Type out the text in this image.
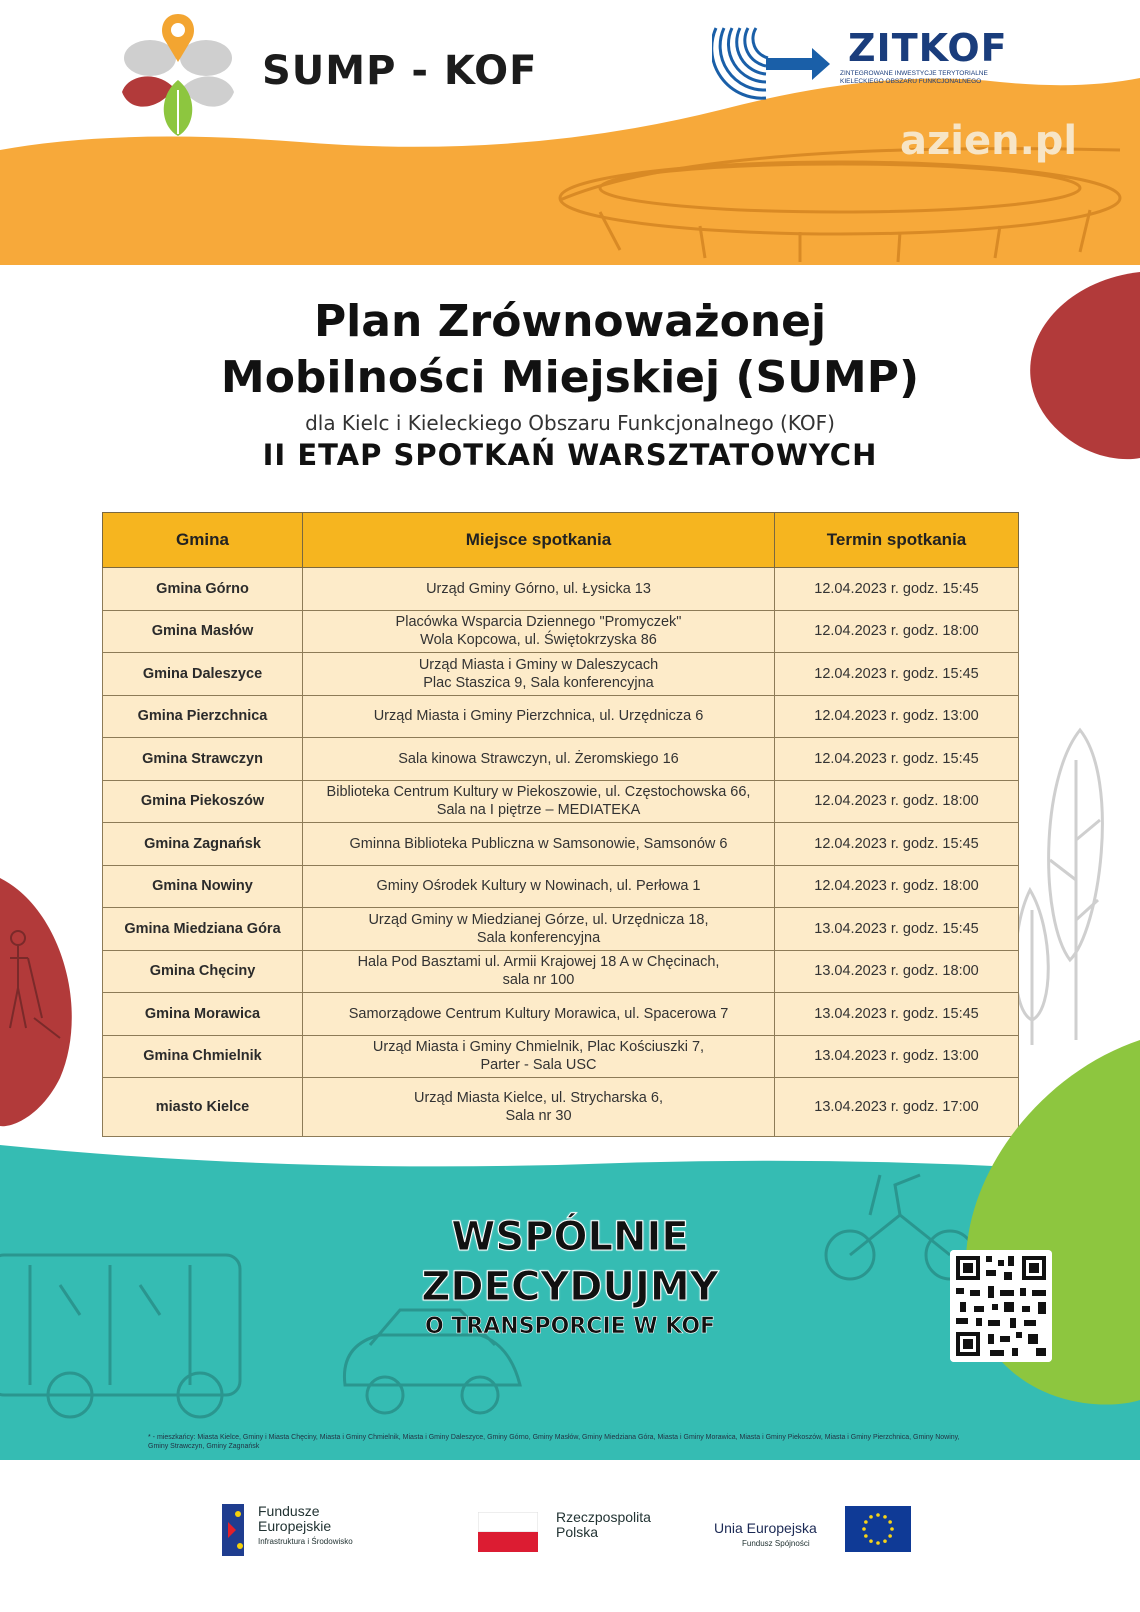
SUMP - KOF	ZITKOF
ZINTEGROWANE INWESTYCJE TERYTORIALNE KIELECKIEGO OBSZARU FUNKCJONALNEGO
azien.pl
Plan Zrównoważonej
Mobilności Miejskiej (SUMP)
dla Kielc i Kieleckiego Obszaru Funkcjonalnego (KOF)
II ETAP SPOTKAŃ WARSZTATOWYCH
Gmina	Miejsce spotkania	Termin spotkania
Gmina Górno	Urząd Gminy Górno, ul. Łysicka 13	12.04.2023 r. godz. 15:45
Gmina Masłów	Placówka Wsparcia Dziennego "Promyczek"
Wola Kopcowa, ul. Świętokrzyska 86	12.04.2023 r. godz. 18:00
Gmina Daleszyce	Urząd Miasta i Gminy w Daleszycach
Plac Staszica 9, Sala konferencyjna	12.04.2023 r. godz. 15:45
Gmina Pierzchnica	Urząd Miasta i Gminy Pierzchnica, ul. Urzędnicza 6	12.04.2023 r. godz. 13:00
Gmina Strawczyn	Sala kinowa Strawczyn, ul. Żeromskiego 16	12.04.2023 r. godz. 15:45
Gmina Piekoszów	Biblioteka Centrum Kultury w Piekoszowie, ul. Częstochowska 66,
Sala na I piętrze – MEDIATEKA	12.04.2023 r. godz. 18:00
Gmina Zagnańsk	Gminna Biblioteka Publiczna w Samsonowie, Samsonów 6	12.04.2023 r. godz. 15:45
Gmina Nowiny	Gminy Ośrodek Kultury w Nowinach, ul. Perłowa 1	12.04.2023 r. godz. 18:00
Gmina Miedziana Góra	Urząd Gminy w Miedzianej Górze, ul. Urzędnicza 18,
Sala konferencyjna	13.04.2023 r. godz. 15:45
Gmina Chęciny	Hala Pod Basztami ul. Armii Krajowej 18 A w Chęcinach,
sala nr 100	13.04.2023 r. godz. 18:00
Gmina Morawica	Samorządowe Centrum Kultury Morawica, ul. Spacerowa 7	13.04.2023 r. godz. 15:45
Gmina Chmielnik	Urząd Miasta i Gminy Chmielnik, Plac Kościuszki 7,
Parter - Sala USC	13.04.2023 r. godz. 13:00
miasto Kielce	Urząd Miasta Kielce, ul. Strycharska 6,
Sala nr 30	13.04.2023 r. godz. 17:00
WSPÓLNIE
ZDECYDUJMY
O TRANSPORCIE W KOF
* - mieszkańcy: Miasta Kielce, Gminy i Miasta Chęciny, Miasta i Gminy Chmielnik, Miasta i Gminy Daleszyce, Gminy Górno, Gminy Masłów, Gminy Miedziana Góra, Miasta i Gminy Morawica, Miasta i Gminy Piekoszów, Miasta i Gminy Pierzchnica, Gminy Nowiny, Gminy Strawczyn, Gminy Zagnańsk
Fundusze
Europejskie
Infrastruktura i Środowisko
Rzeczpospolita
Polska	Unia Europejska
Fundusz Spójności
